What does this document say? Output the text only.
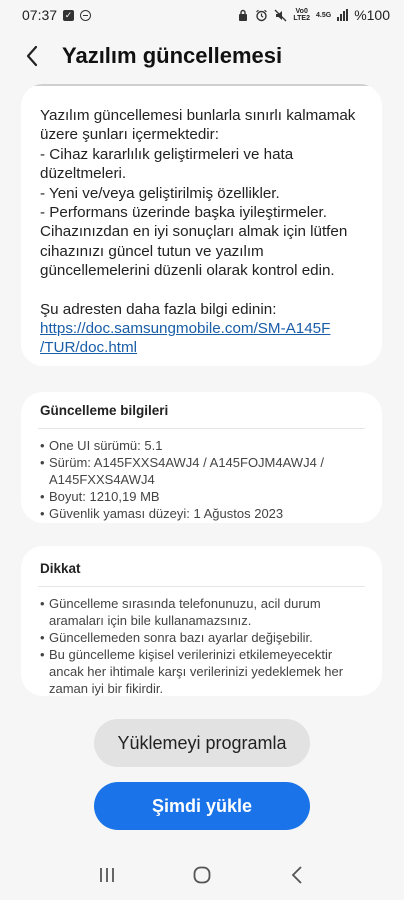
07:37 ✓	Vo0
LTE2 4.5G %100
Yazılım güncellemesi

Yazılım güncellemesi bunlarla sınırlı kalmamak üzere şunları içermektedir:

- Cihaz kararlılık geliştirmeleri ve hata düzeltmeleri.

- Yeni ve/veya geliştirilmiş özellikler.

- Performans üzerinde başka iyileştirmeler.

Cihazınızdan en iyi sonuçları almak için lütfen cihazınızı güncel tutun ve yazılım güncellemelerini düzenli olarak kontrol edin.

Şu adresten daha fazla bilgi edinin:

https://doc.samsungmobile.com/SM-A145F
/TUR/doc.html

Güncelleme bilgileri
• One UI sürümü: 5.1
• Sürüm: A145FXXS4AWJ4 / A145FOJM4AWJ4 / A145FXXS4AWJ4
• Boyut: 1210,19 MB
• Güvenlik yaması düzeyi: 1 Ağustos 2023
Dikkat
• Güncelleme sırasında telefonunuzu, acil durum aramaları için bile kullanamazsınız.
• Güncellemeden sonra bazı ayarlar değişebilir.
• Bu güncelleme kişisel verilerinizi etkilemeyecektir ancak her ihtimale karşı verilerinizi yedeklemek her zaman iyi bir fikirdir.
Yüklemeyi programla
Şimdi yükle
